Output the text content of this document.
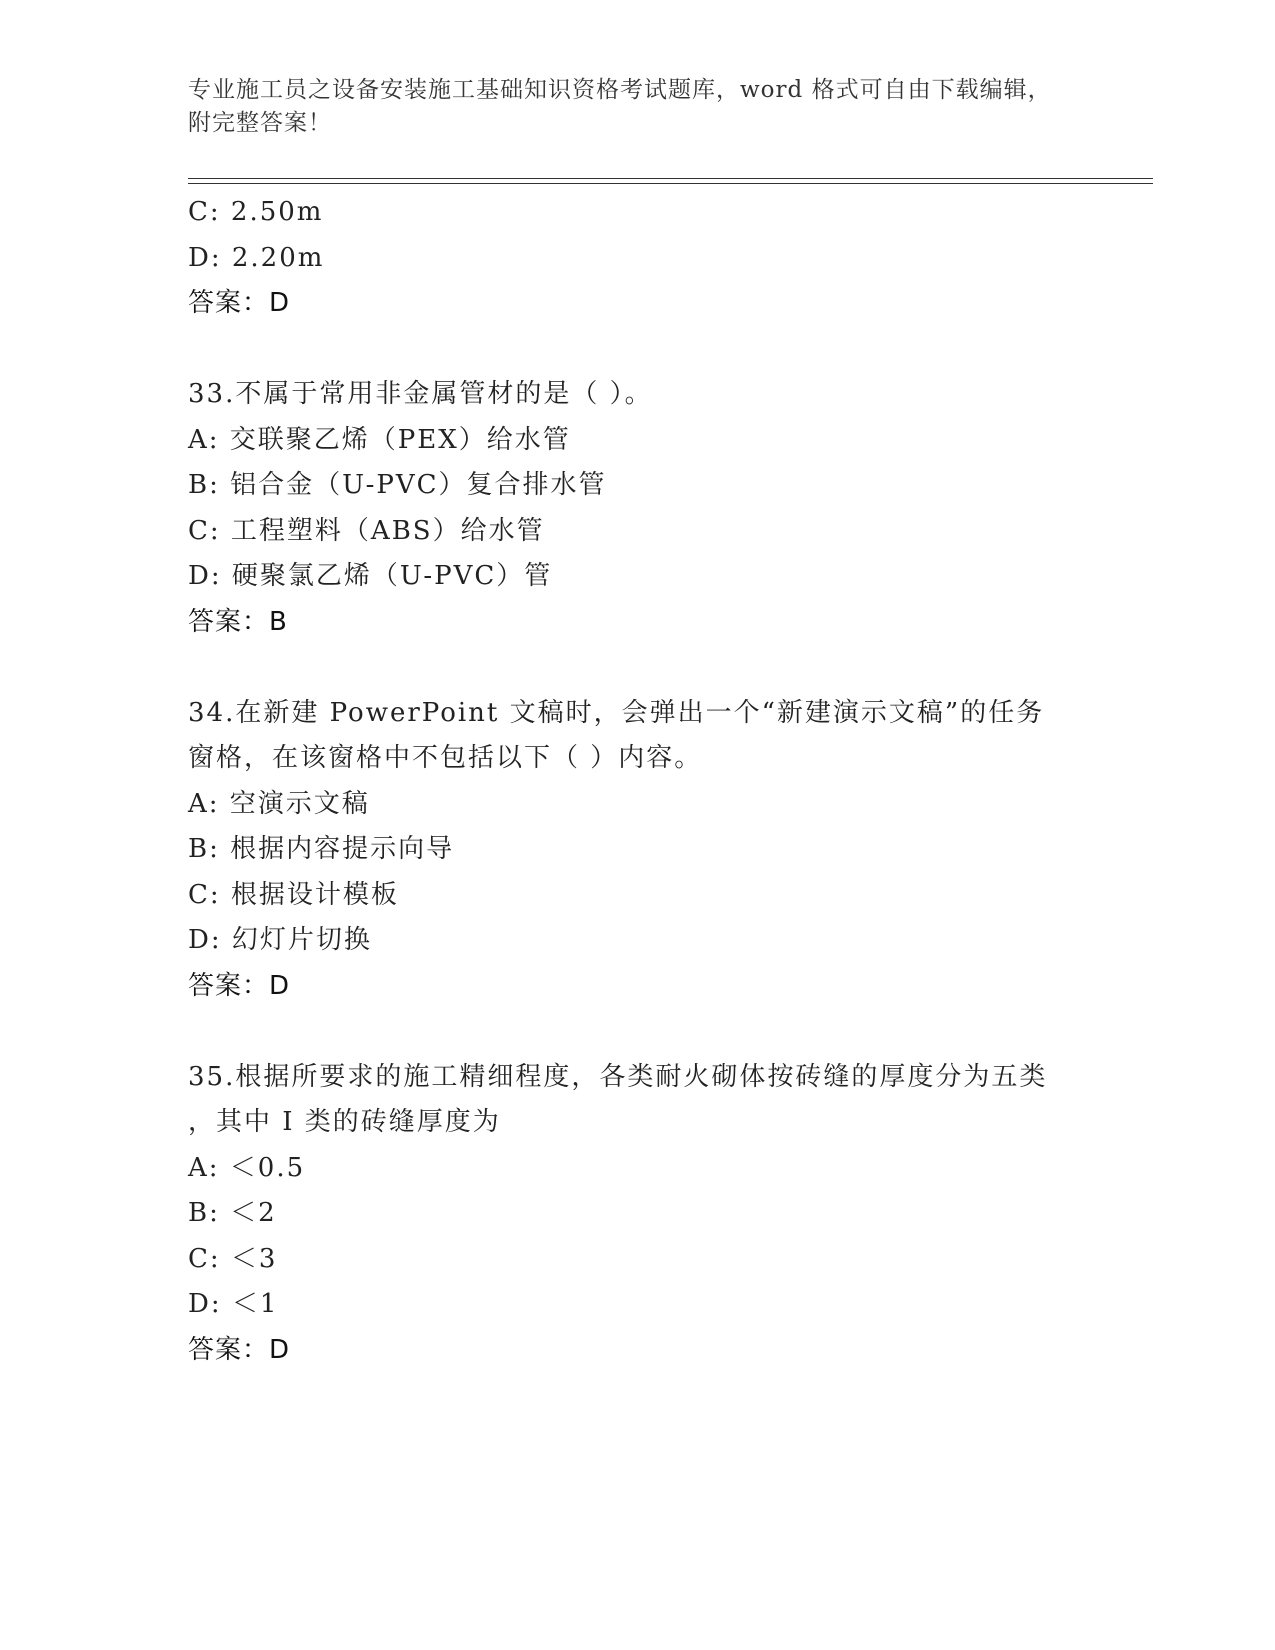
专业施工员之设备安装施工基础知识资格考试题库，word 格式可自由下载编辑，
附完整答案！
C: 2.50m
D: 2.20m
答案：D
33.不属于常用非金属管材的是（ ）。
A: 交联聚乙烯（PEX）给水管
B: 铝合金（U-PVC）复合排水管
C: 工程塑料（ABS）给水管
D: 硬聚氯乙烯（U-PVC）管
答案：B
34.在新建 PowerPoint 文稿时，会弹出一个“新建演示文稿”的任务
窗格，在该窗格中不包括以下（ ）内容。
A: 空演示文稿
B: 根据内容提示向导
C: 根据设计模板
D: 幻灯片切换
答案：D
35.根据所要求的施工精细程度，各类耐火砌体按砖缝的厚度分为五类
，其中 I 类的砖缝厚度为
A: ＜0.5
B: ＜2
C: ＜3
D: ＜1
答案：D
